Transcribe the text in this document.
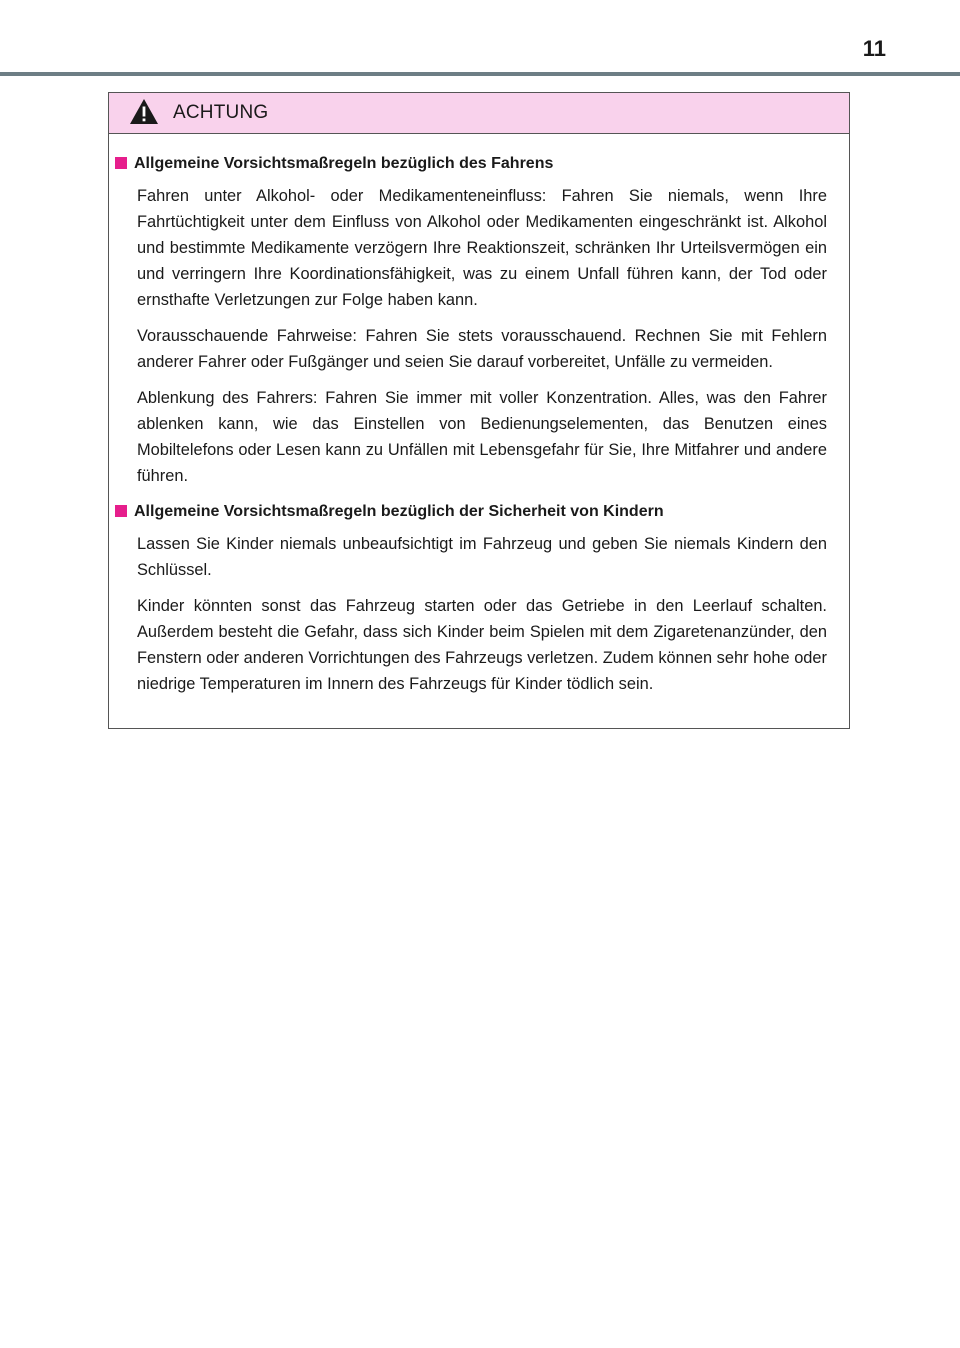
11
ACHTUNG
Allgemeine Vorsichtsmaßregeln bezüglich des Fahrens

Fahren unter Alkohol- oder Medikamenteneinfluss: Fahren Sie niemals, wenn Ihre Fahrtüchtigkeit unter dem Einfluss von Alkohol oder Medikamenten eingeschränkt ist. Alkohol und bestimmte Medikamente verzögern Ihre Reaktionszeit, schränken Ihr Urteilsvermögen ein und verringern Ihre Koordinationsfähigkeit, was zu einem Unfall führen kann, der Tod oder ernsthafte Verletzungen zur Folge haben kann.

Vorausschauende Fahrweise: Fahren Sie stets vorausschauend. Rechnen Sie mit Fehlern anderer Fahrer oder Fußgänger und seien Sie darauf vorbereitet, Unfälle zu vermeiden.

Ablenkung des Fahrers: Fahren Sie immer mit voller Konzentration. Alles, was den Fahrer ablenken kann, wie das Einstellen von Bedienungselementen, das Benutzen eines Mobiltelefons oder Lesen kann zu Unfällen mit Lebensgefahr für Sie, Ihre Mitfahrer und andere führen.

Allgemeine Vorsichtsmaßregeln bezüglich der Sicherheit von Kindern

Lassen Sie Kinder niemals unbeaufsichtigt im Fahrzeug und geben Sie niemals Kindern den Schlüssel.

Kinder könnten sonst das Fahrzeug starten oder das Getriebe in den Leerlauf schalten. Außerdem besteht die Gefahr, dass sich Kinder beim Spielen mit dem Zigaretenanzünder, den Fenstern oder anderen Vorrichtungen des Fahrzeugs verletzen. Zudem können sehr hohe oder niedrige Temperaturen im Innern des Fahrzeugs für Kinder tödlich sein.
